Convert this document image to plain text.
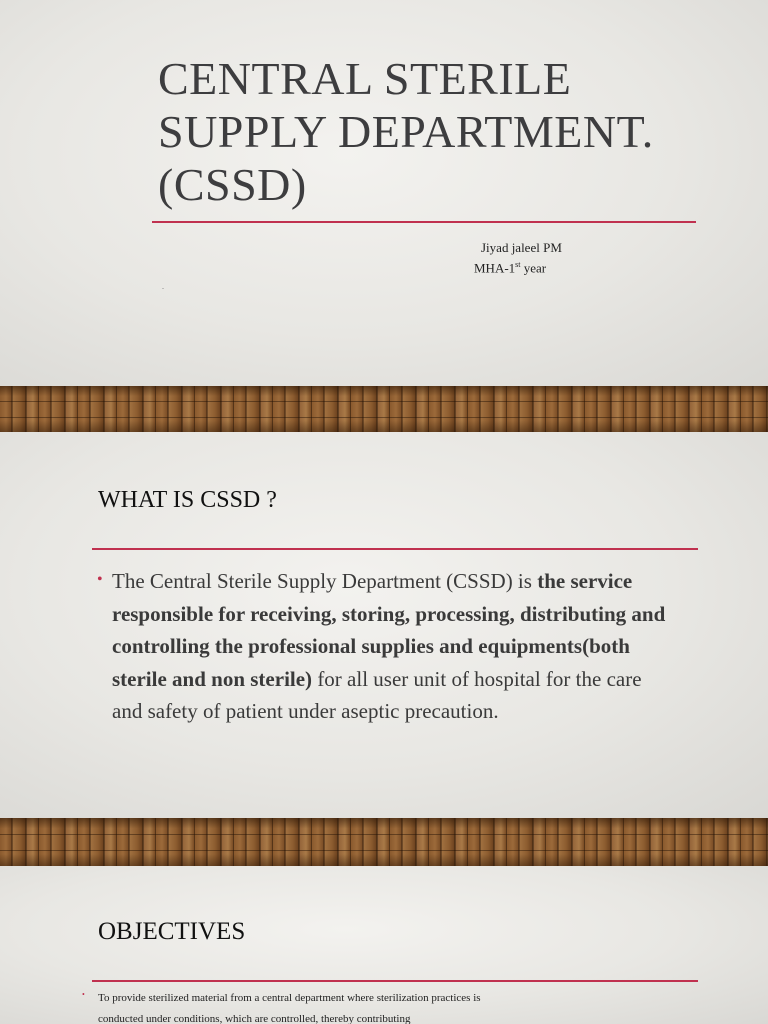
CENTRAL STERILE SUPPLY DEPARTMENT. (CSSD)
Jiyad jaleel PM
MHA-1st year
.
WHAT IS CSSD ?
• The Central Sterile Supply Department (CSSD) is the service responsible for receiving, storing, processing, distributing and controlling the professional supplies and equipments(both sterile and non sterile) for all user unit of hospital for the care and safety of patient under aseptic precaution.

OBJECTIVES
• To provide sterilized material from a central department where sterilization practices is conducted under conditions, which are controlled, thereby contributing
